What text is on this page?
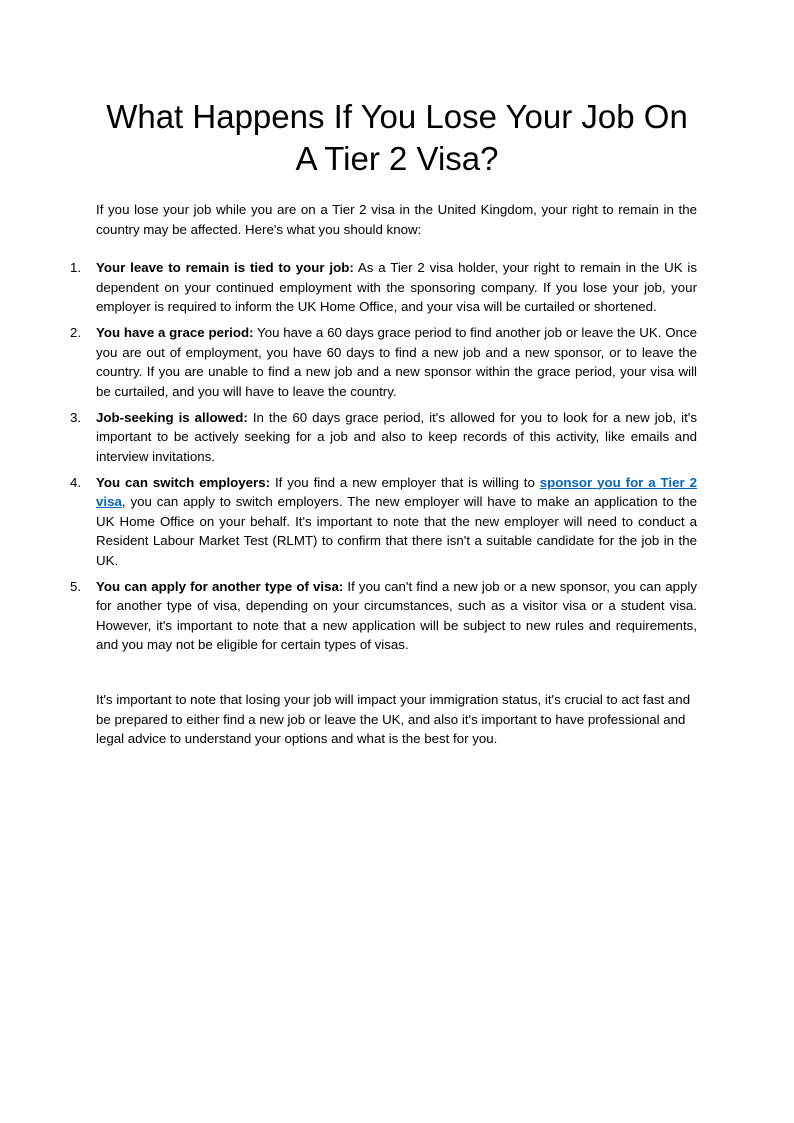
What Happens If You Lose Your Job On A Tier 2 Visa?

If you lose your job while you are on a Tier 2 visa in the United Kingdom, your right to remain in the country may be affected. Here's what you should know:

1. Your leave to remain is tied to your job: As a Tier 2 visa holder, your right to remain in the UK is dependent on your continued employment with the sponsoring company. If you lose your job, your employer is required to inform the UK Home Office, and your visa will be curtailed or shortened.
2. You have a grace period: You have a 60 days grace period to find another job or leave the UK. Once you are out of employment, you have 60 days to find a new job and a new sponsor, or to leave the country. If you are unable to find a new job and a new sponsor within the grace period, your visa will be curtailed, and you will have to leave the country.
3. Job-seeking is allowed: In the 60 days grace period, it's allowed for you to look for a new job, it's important to be actively seeking for a job and also to keep records of this activity, like emails and interview invitations.
4. You can switch employers: If you find a new employer that is willing to sponsor you for a Tier 2 visa, you can apply to switch employers. The new employer will have to make an application to the UK Home Office on your behalf. It's important to note that the new employer will need to conduct a Resident Labour Market Test (RLMT) to confirm that there isn't a suitable candidate for the job in the UK.
5. You can apply for another type of visa: If you can't find a new job or a new sponsor, you can apply for another type of visa, depending on your circumstances, such as a visitor visa or a student visa. However, it's important to note that a new application will be subject to new rules and requirements, and you may not be eligible for certain types of visas.

It's important to note that losing your job will impact your immigration status, it's crucial to act fast and be prepared to either find a new job or leave the UK, and also it's important to have professional and legal advice to understand your options and what is the best for you.
